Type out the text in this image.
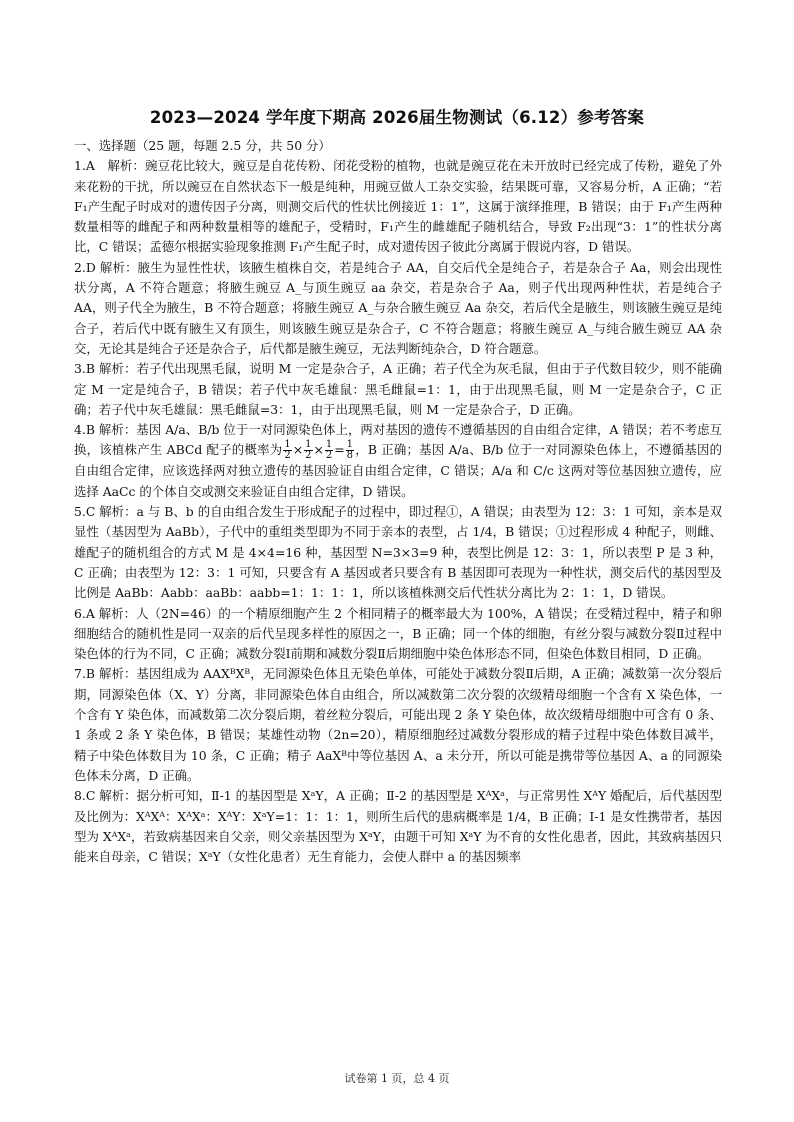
2023—2024 学年度下期高 2026届生物测试（6.12）参考答案

一、选择题（25 题，每题 2.5 分，共 50 分）

1.A　解析：豌豆花比较大，豌豆是自花传粉、闭花受粉的植物，也就是豌豆花在未开放时已经完成了传粉，避免了外来花粉的干扰，所以豌豆在自然状态下一般是纯种，用豌豆做人工杂交实验，结果既可靠，又容易分析，A 正确；“若 F₁产生配子时成对的遗传因子分离，则测交后代的性状比例接近 1：1”，这属于演绎推理，B 错误；由于 F₁产生两种数量相等的雌配子和两种数量相等的雄配子，受精时，F₁产生的雌雄配子随机结合，导致 F₂出现“3：1”的性状分离比，C 错误；孟德尔根据实验现象推测 F₁产生配子时，成对遗传因子彼此分离属于假说内容，D 错误。

2.D 解析：腋生为显性性状，该腋生植株自交，若是纯合子 AA，自交后代全是纯合子，若是杂合子 Aa，则会出现性状分离，A 不符合题意；将腋生豌豆 A_与顶生豌豆 aa 杂交，若是杂合子 Aa，则子代出现两种性状，若是纯合子 AA，则子代全为腋生，B 不符合题意；将腋生豌豆 A_与杂合腋生豌豆 Aa 杂交，若后代全是腋生，则该腋生豌豆是纯合子，若后代中既有腋生又有顶生，则该腋生豌豆是杂合子，C 不符合题意；将腋生豌豆 A_与纯合腋生豌豆 AA 杂交，无论其是纯合子还是杂合子，后代都是腋生豌豆，无法判断纯杂合，D 符合题意。

3.B 解析：若子代出现黑毛鼠，说明 M 一定是杂合子，A 正确；若子代全为灰毛鼠，但由于子代数目较少，则不能确定 M 一定是纯合子，B 错误；若子代中灰毛雄鼠：黑毛雌鼠=1：1，由于出现黑毛鼠，则 M 一定是杂合子，C 正确；若子代中灰毛雄鼠：黑毛雌鼠=3：1，由于出现黑毛鼠，则 M 一定是杂合子，D 正确。

4.B 解析：基因 A/a、B/b 位于一对同源染色体上，两对基因的遗传不遵循基因的自由组合定律，A 错误；若不考虑互换，该植株产生 ABCd 配子的概率为 $\frac{1}{2} \times \frac{1}{2} \times \frac{1}{2} = \frac{1}{8}$ ，B 正确；基因 A/a、B/b 位于一对同源染色体上，不遵循基因的自由组合定律，应该选择两对独立遗传的基因验证自由组合定律，C 错误；A/a 和 C/c 这两对等位基因独立遗传，应选择 AaCc 的个体自交或测交来验证自由组合定律，D 错误。

5.C 解析：a 与 B、b 的自由组合发生于形成配子的过程中，即过程①，A 错误；由表型为 12：3：1 可知，亲本是双显性（基因型为 AaBb），子代中的重组类型即为不同于亲本的表型，占 1/4，B 错误；①过程形成 4 种配子，则雌、雄配子的随机组合的方式 M 是 4×4=16 种，基因型 N=3×3=9 种，表型比例是 12：3：1，所以表型 P 是 3 种，C 正确；由表型为 12：3：1 可知，只要含有 A 基因或者只要含有 B 基因即可表现为一种性状，测交后代的基因型及比例是 AaBb：Aabb：aaBb：aabb=1：1：1：1，所以该植株测交后代性状分离比为 2：1：1，D 错误。

6.A 解析：人（2N=46）的一个精原细胞产生 2 个相同精子的概率最大为 100%，A 错误；在受精过程中，精子和卵细胞结合的随机性是同一双亲的后代呈现多样性的原因之一，B 正确；同一个体的细胞，有丝分裂与减数分裂Ⅱ过程中染色体的行为不同，C 正确；减数分裂Ⅰ前期和减数分裂Ⅱ后期细胞中染色体形态不同，但染色体数目相同，D 正确。

7.B 解析：基因组成为 AAXᴮXᴮ，无同源染色体且无染色单体，可能处于减数分裂Ⅱ后期，A 正确；减数第一次分裂后期，同源染色体（X、Y）分离，非同源染色体自由组合，所以减数第二次分裂的次级精母细胞一个含有 X 染色体，一个含有 Y 染色体，而减数第二次分裂后期，着丝粒分裂后，可能出现 2 条 Y 染色体，故次级精母细胞中可含有 0 条、1 条或 2 条 Y 染色体，B 错误；某雄性动物（2n=20），精原细胞经过减数分裂形成的精子过程中染色体数目减半，精子中染色体数目为 10 条，C 正确；精子 AaXᴮ中等位基因 A、a 未分开，所以可能是携带等位基因 A、a 的同源染色体未分离，D 正确。

8.C 解析：据分析可知，Ⅱ-1 的基因型是 XᵃY，A 正确；Ⅱ-2 的基因型是 XᴬXᵃ，与正常男性 XᴬY 婚配后，后代基因型及比例为：XᴬXᴬ：XᴬXᵃ：XᴬY：XᵃY=1：1：1：1，则所生后代的患病概率是 1/4，B 正确；Ⅰ-1 是女性携带者，基因型为 XᴬXᵃ，若致病基因来自父亲，则父亲基因型为 XᵃY，由题干可知 XᵃY 为不育的女性化患者，因此，其致病基因只能来自母亲，C 错误；XᵃY（女性化患者）无生育能力，会使人群中 a 的基因频率

试卷第 1 页，总 4 页
